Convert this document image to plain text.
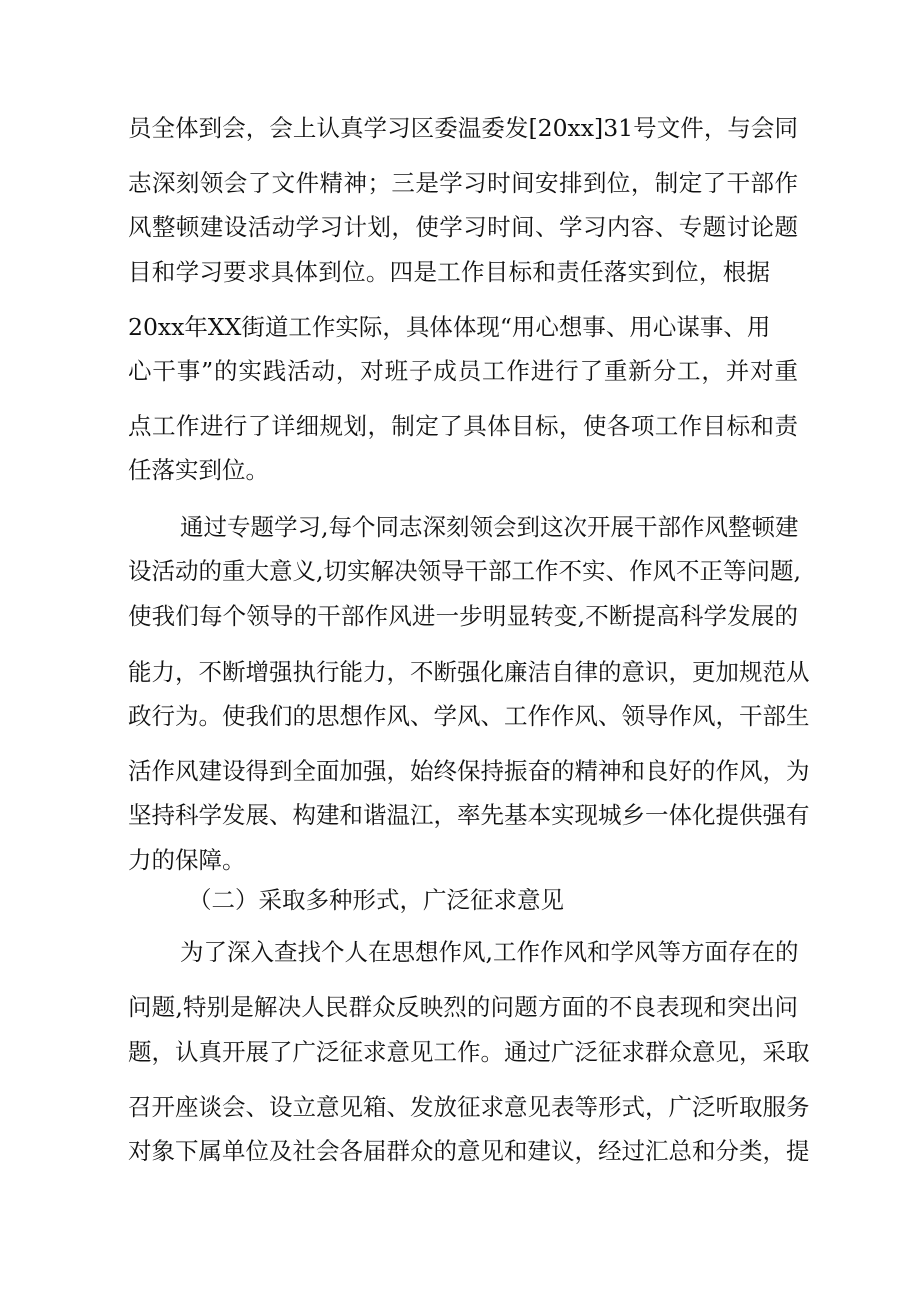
员全体到会，会上认真学习区委温委发[20xx]31号文件，与会同
志深刻领会了文件精神；三是学习时间安排到位，制定了干部作
风整顿建设活动学习计划，使学习时间、学习内容、专题讨论题
目和学习要求具体到位。四是工作目标和责任落实到位，根据
20xx年XX街道工作实际，具体体现“用心想事、用心谋事、用
心干事”的实践活动，对班子成员工作进行了重新分工，并对重
点工作进行了详细规划，制定了具体目标，使各项工作目标和责
任落实到位。
通过专题学习,每个同志深刻领会到这次开展干部作风整顿建
设活动的重大意义,切实解决领导干部工作不实、作风不正等问题,
使我们每个领导的干部作风进一步明显转变,不断提高科学发展的
能力，不断增强执行能力，不断强化廉洁自律的意识，更加规范从
政行为。使我们的思想作风、学风、工作作风、领导作风，干部生
活作风建设得到全面加强，始终保持振奋的精神和良好的作风，为
坚持科学发展、构建和谐温江，率先基本实现城乡一体化提供强有
力的保障。
（二）采取多种形式，广泛征求意见
为了深入查找个人在思想作风,工作作风和学风等方面存在的
问题,特别是解决人民群众反映烈的问题方面的不良表现和突出问
题，认真开展了广泛征求意见工作。通过广泛征求群众意见，采取
召开座谈会、设立意见箱、发放征求意见表等形式，广泛听取服务
对象下属单位及社会各届群众的意见和建议，经过汇总和分类，提
